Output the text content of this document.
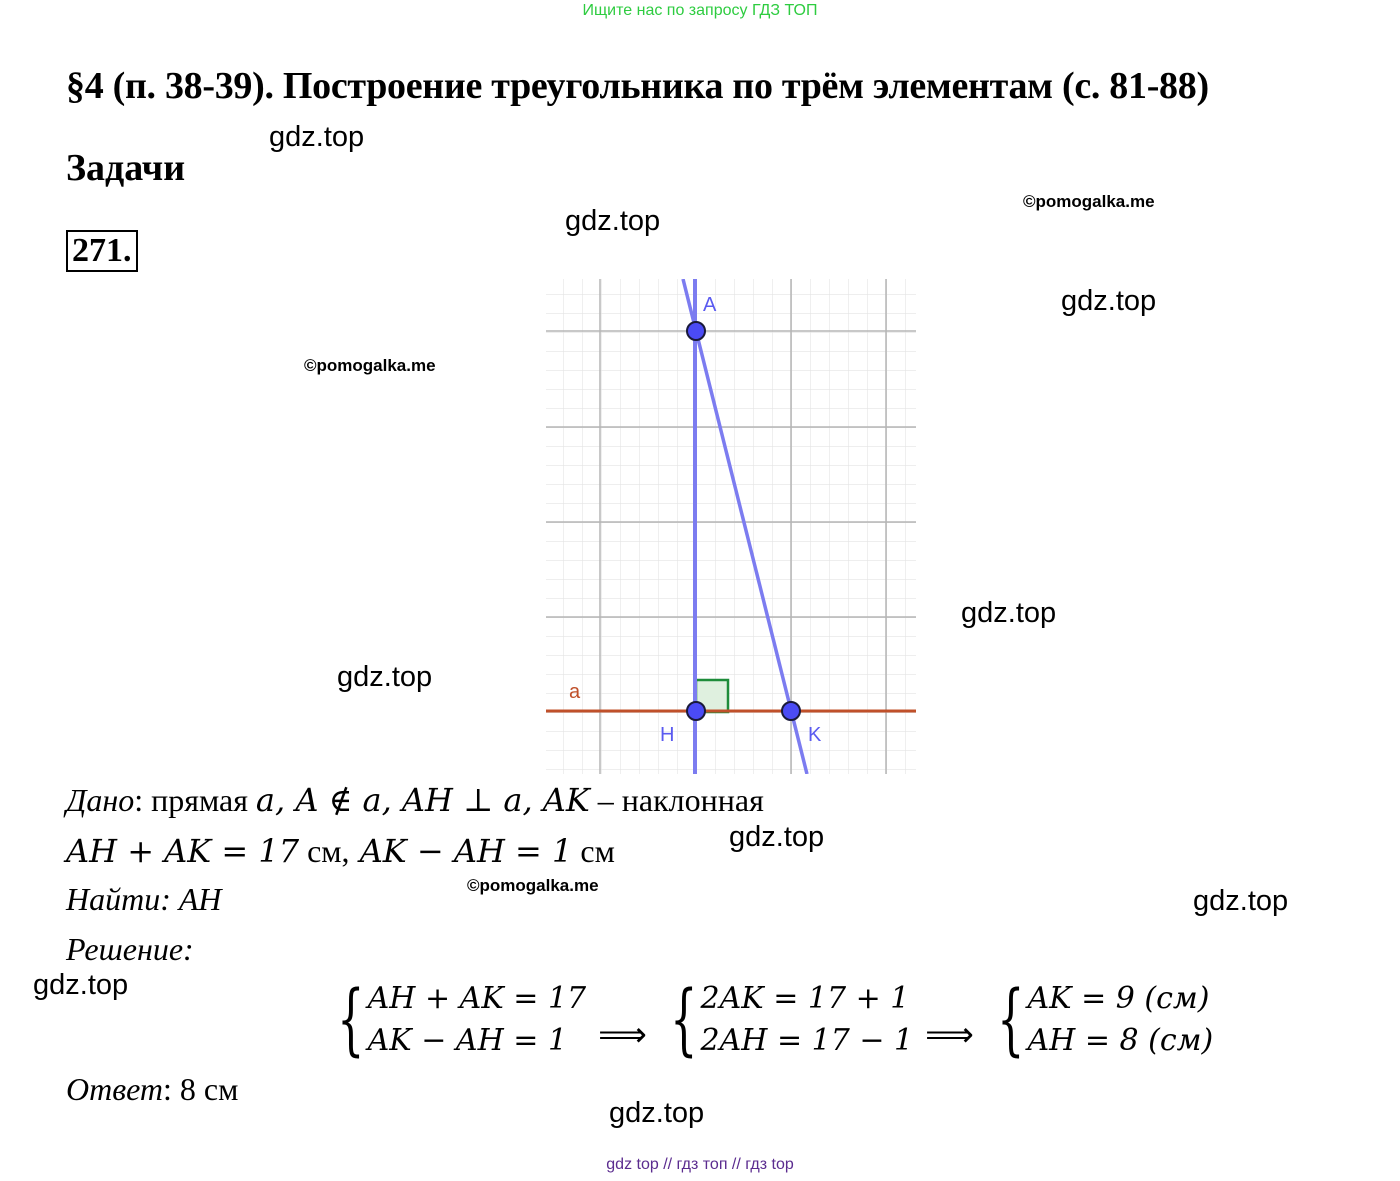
Ищите нас по запросу ГДЗ ТОП
§4 (п. 38-39). Построение треугольника по трём элементам (с. 81-88)
Задачи
271.
gdz.top
gdz.top
gdz.top
gdz.top
gdz.top
gdz.top
gdz.top
gdz.top
gdz.top
©pomogalka.me
©pomogalka.me
©pomogalka.me
A
H	K
a
Дано: прямая a, A ∉ a, AH ⊥ a, AK – наклонная
AH + AK = 17 см, AK − AH = 1 см
Найти: AH
Решение:
{ AH + AK = 17
AK − AH = 1 ⟹ { 2AK = 17 + 1
2AH = 17 − 1 ⟹ { AK = 9 (см)
AH = 8 (см)
Ответ: 8 см
gdz top // гдз топ // гдз top
